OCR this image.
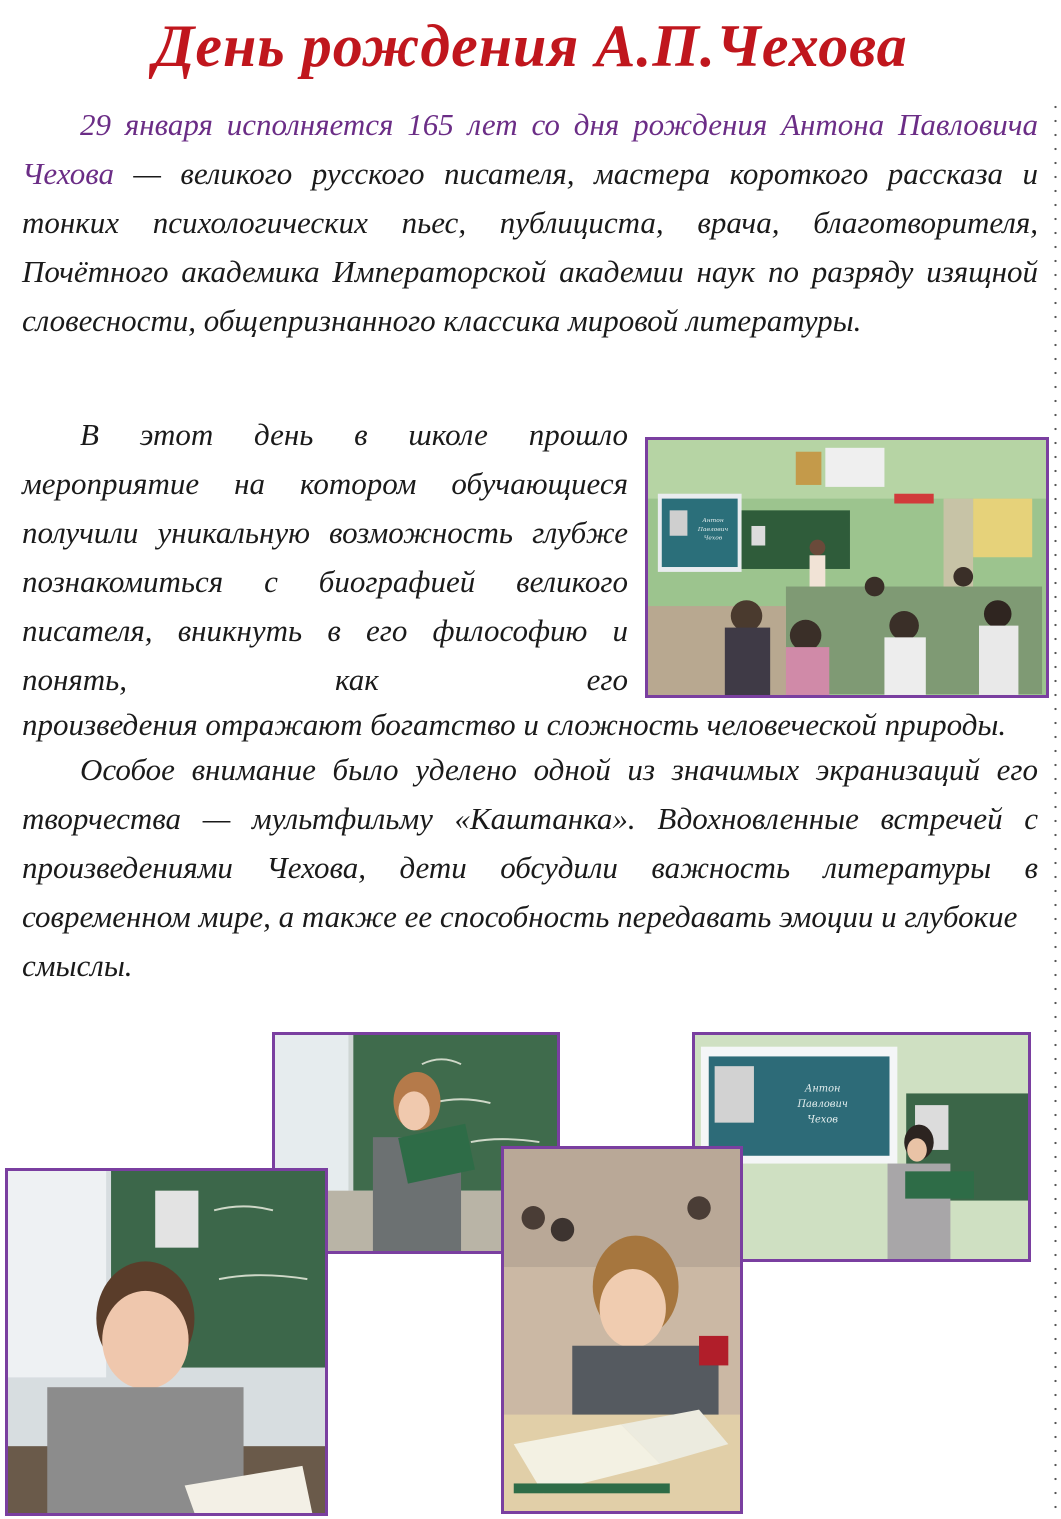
День рождения А.П.Чехова

29 января исполняется 165 лет со дня рождения Антона Павловича Чехова — великого русского писателя, мастера короткого рассказа и тонких психологических пьес, публициста, врача, благотворителя, Почётного академика Императорской академии наук по разряду изящной словесности, общепризнанного классика мировой литературы.

В этот день в школе прошло мероприятие на котором обучающиеся получили уникальную возможность глубже познакомиться с биографией великого писателя, вникнуть в его философию и понять, как его

произведения отражают богатство и сложность человеческой природы.

Особое внимание было уделено одной из значимых экранизаций его творчества — мультфильму «Каштанка». Вдохновленные встречей с произведениями Чехова, дети обсудили важность литературы в современном мире, а также ее способность передавать эмоции и глубокие
смыслы.

Антон
Павлович
Чехов
Антон
Павлович
Чехов
